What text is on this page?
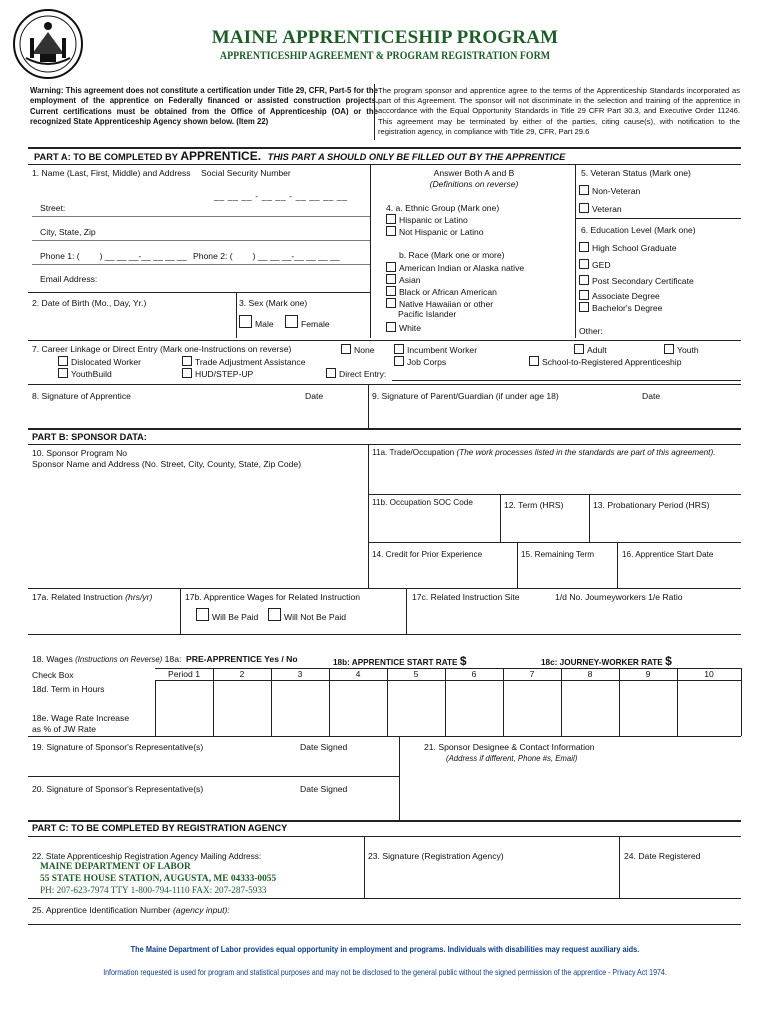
MAINE APPRENTICESHIP PROGRAM
APPRENTICESHIP AGREEMENT & PROGRAM REGISTRATION FORM
Warning: This agreement does not constitute a certification under Title 29, CFR, Part-5 for the employment of the apprentice on Federally financed or assisted construction projects. Current certifications must be obtained from the Office of Apprenticeship (OA) or the recognized State Apprenticeship Agency shown below. (Item 22)
The program sponsor and apprentice agree to the terms of the Apprenticeship Standards incorporated as part of this Agreement. The sponsor will not discriminate in the selection and training of the apprentice in accordance with the Equal Opportunity Standards in Title 29 CFR Part 30.3, and Executive Order 11246. This agreement may be terminated by either of the parties, citing cause(s), with notification to the registration agency, in compliance with Title 29, CFR, Part 29.6
PART A: TO BE COMPLETED BY APPRENTICE. THIS PART A SHOULD ONLY BE FILLED OUT BY THE APPRENTICE
1. Name (Last, First, Middle) and Address Social Security Number
__ __ __ - __ __ - __ __ __ __
Street:
City, State, Zip
Phone 1: ( ) __ __ __-__ __ __ __ Phone 2: ( ) __ __ __-__ __ __ __
Email Address:
2. Date of Birth (Mo., Day, Yr.)	3. Sex (Mark one)
Male	Female
Answer Both A and B
(Definitions on reverse)
4. a. Ethnic Group (Mark one)
Hispanic or Latino
Not Hispanic or Latino
b. Race (Mark one or more)
American Indian or Alaska native
Asian
Black or African American
Native Hawaiian or other
Pacific Islander
White
5. Veteran Status (Mark one)
Non-Veteran
Veteran
6. Education Level (Mark one)
High School Graduate
GED
Post Secondary Certificate
Associate Degree
Bachelor's Degree
Other:
7. Career Linkage or Direct Entry (Mark one-Instructions on reverse)	None	Incumbent Worker	Adult	Youth
Dislocated Worker	Trade Adjustment Assistance	Job Corps	School-to-Registered Apprenticeship
YouthBuild	HUD/STEP-UP	Direct Entry:
8. Signature of Apprentice	Date	9. Signature of Parent/Guardian (if under age 18)	Date
PART B: SPONSOR DATA:
10. Sponsor Program No
Sponsor Name and Address (No. Street, City, County, State, Zip Code)
11a. Trade/Occupation (The work processes listed in the standards are part of this agreement).
11b. Occupation SOC Code	12. Term (HRS)	13. Probationary Period (HRS)
14. Credit for Prior Experience	15. Remaining Term	16. Apprentice Start Date
17a. Related Instruction (hrs/yr)	17b. Apprentice Wages for Related Instruction
Will Be Paid	Will Not Be Paid
17c. Related Instruction Site	1/d No. Journeyworkers 1/e Ratio
18. Wages (Instructions on Reverse) 18a: PRE-APPRENTICE Yes / No	18b: APPRENTICE START RATE $	18c: JOURNEY-WORKER RATE $
Check Box
18d. Term in Hours
18e. Wage Rate Increase
as % of JW Rate
Period 1	2	3	4	5	6	7	8	9	10
19. Signature of Sponsor's Representative(s)	Date Signed	21. Sponsor Designee & Contact Information
(Address if different, Phone #s, Email)
20. Signature of Sponsor's Representative(s)	Date Signed
PART C: TO BE COMPLETED BY REGISTRATION AGENCY
22. State Apprenticeship Registration Agency Mailing Address:
MAINE DEPARTMENT OF LABOR
55 STATE HOUSE STATION, AUGUSTA, ME 04333-0055
PH: 207-623-7974 TTY 1-800-794-1110 FAX: 207-287-5933
23. Signature (Registration Agency)	24. Date Registered
25. Apprentice Identification Number (agency input):
The Maine Department of Labor provides equal opportunity in employment and programs. Individuals with disabilities may request auxiliary aids.
Information requested is used for program and statistical purposes and may not be disclosed to the general public without the signed permission of the apprentice - Privacy Act 1974.
